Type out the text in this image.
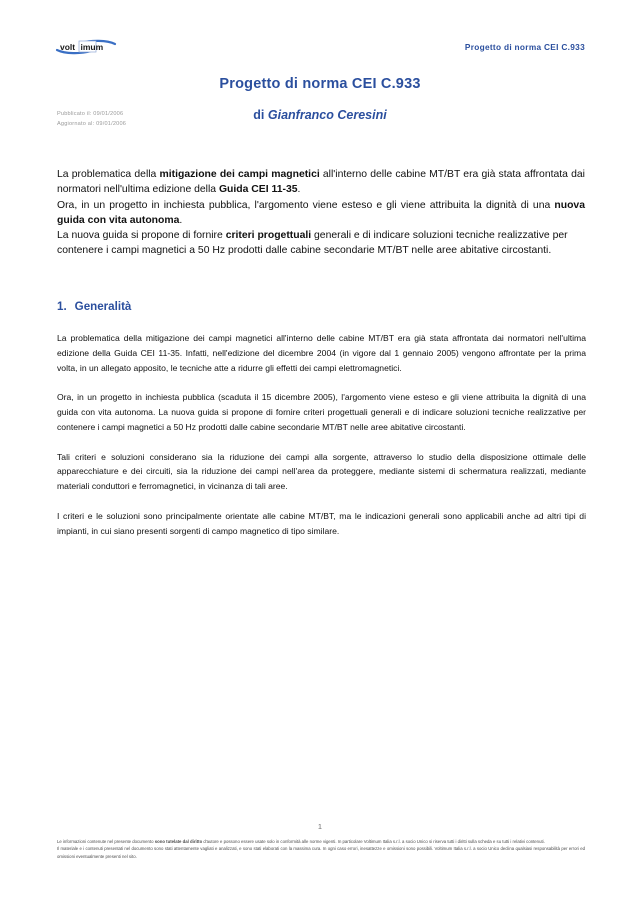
volt imum	Progetto di norma CEI C.933
Progetto di norma CEI C.933
di Gianfranco Ceresini
Pubblicato il: 09/01/2006
Aggiornato al: 09/01/2006

La problematica della mitigazione dei campi magnetici all'interno delle cabine MT/BT era già stata affrontata dai normatori nell'ultima edizione della Guida CEI 11-35.

Ora, in un progetto in inchiesta pubblica, l'argomento viene esteso e gli viene attribuita la dignità di una nuova guida con vita autonoma.

La nuova guida si propone di fornire criteri progettuali generali e di indicare soluzioni tecniche realizzative per contenere i campi magnetici a 50 Hz prodotti dalle cabine secondarie MT/BT nelle aree abitative circostanti.

1. Generalità

La problematica della mitigazione dei campi magnetici all'interno delle cabine MT/BT era già stata affrontata dai normatori nell'ultima edizione della Guida CEI 11-35. Infatti, nell'edizione del dicembre 2004 (in vigore dal 1 gennaio 2005) vengono affrontate per la prima volta, in un allegato apposito, le tecniche atte a ridurre gli effetti dei campi elettromagnetici.

Ora, in un progetto in inchiesta pubblica (scaduta il 15 dicembre 2005), l'argomento viene esteso e gli viene attribuita la dignità di una guida con vita autonoma. La nuova guida si propone di fornire criteri progettuali generali e di indicare soluzioni tecniche realizzative per contenere i campi magnetici a 50 Hz prodotti dalle cabine secondarie MT/BT nelle aree abitative circostanti.

Tali criteri e soluzioni considerano sia la riduzione dei campi alla sorgente, attraverso lo studio della disposizione ottimale delle apparecchiature e dei circuiti, sia la riduzione dei campi nell'area da proteggere, mediante sistemi di schermatura realizzati, mediante materiali conduttori e ferromagnetici, in vicinanza di tali aree.

I criteri e le soluzioni sono principalmente orientate alle cabine MT/BT, ma le indicazioni generali sono applicabili anche ad altri tipi di impianti, in cui siano presenti sorgenti di campo magnetico di tipo similare.

1

Le informazioni contenute nel presente documento sono tutelate dal diritto d'autore e possono essere usate solo in conformità alle norme vigenti. In particolare Voltimum Italia s.r.l. a socio Unico si riserva tutti i diritti sulla scheda e su tutti i relativi contenuti.

Il materiale e i contenuti presentati nel documento sono stati attentamente vagliati e analizzati, e sono stati elaborati con la massima cura. In ogni caso errori, inesattezze e omissioni sono possibili. Voltimum Italia s.r.l. a socio Unico declina qualsiasi responsabilità per errori ed omissioni eventualmente presenti nel sito.
